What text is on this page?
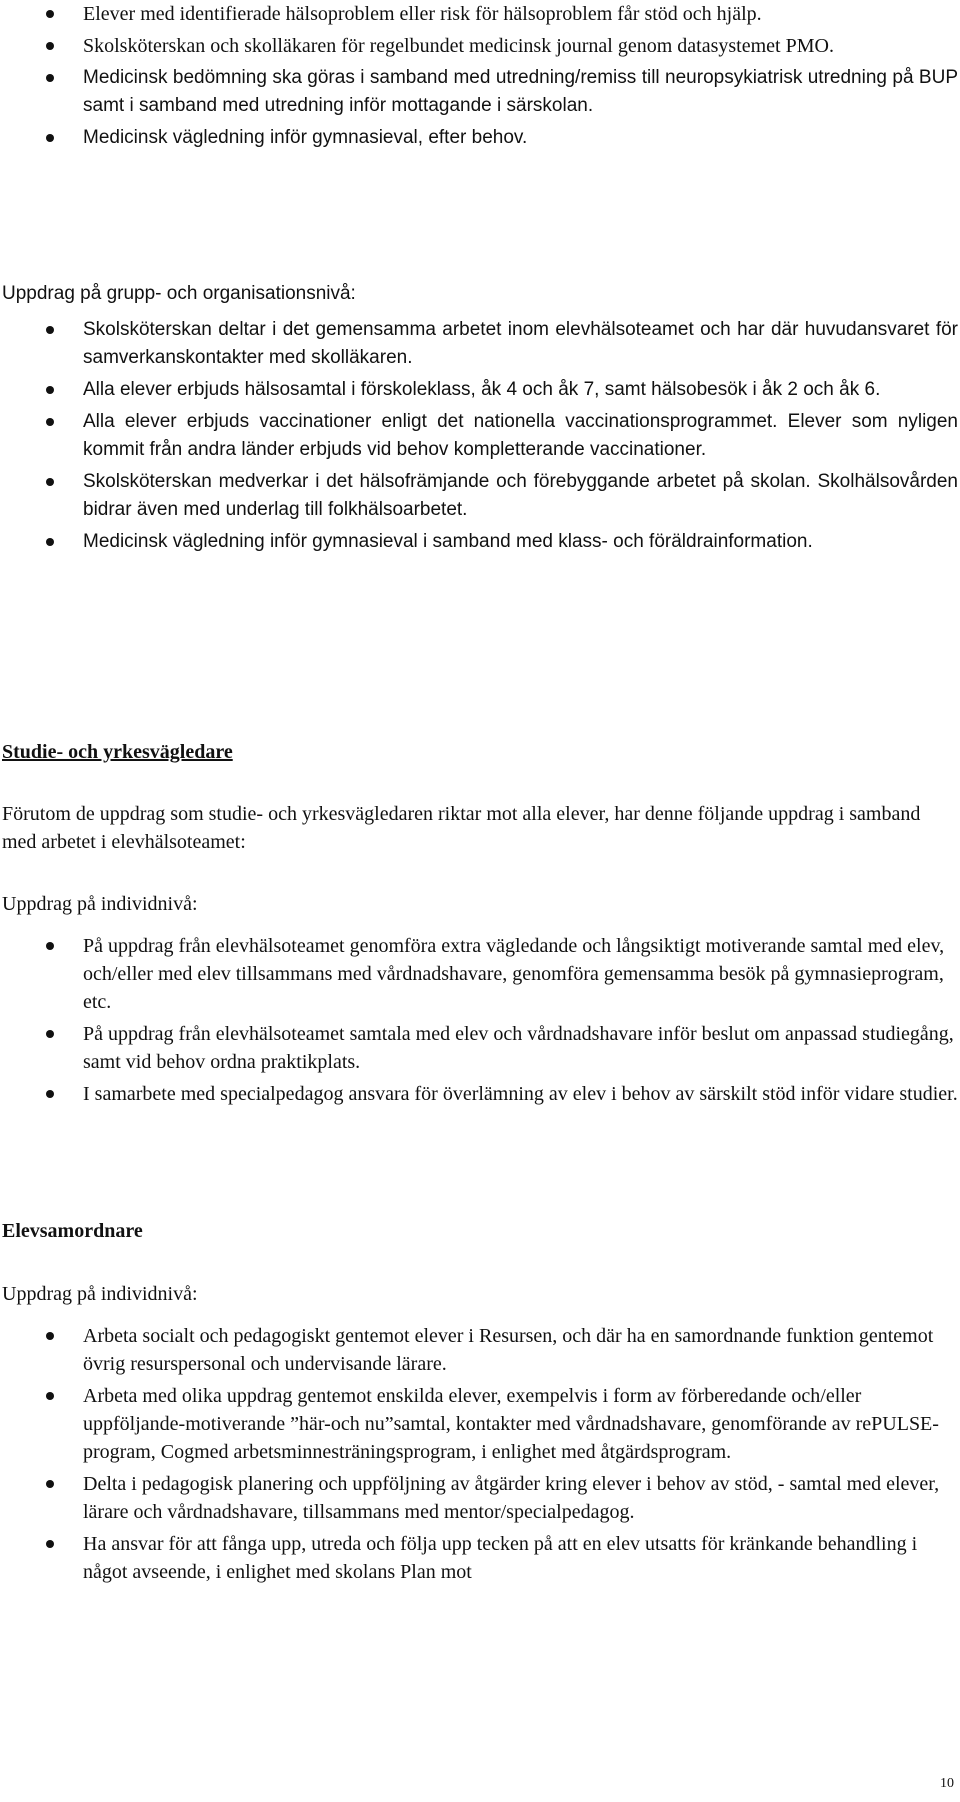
Elever med identifierade hälsoproblem eller risk för hälsoproblem får stöd och hjälp.
Skolsköterskan och skolläkaren för regelbundet medicinsk journal genom datasystemet PMO.
Medicinsk bedömning ska göras i samband med utredning/remiss till neuropsykiatrisk utredning på BUP samt i samband med utredning inför mottagande i särskolan.
Medicinsk vägledning inför gymnasieval, efter behov.

Uppdrag på grupp- och organisationsnivå:

Skolsköterskan deltar i det gemensamma arbetet inom elevhälsoteamet och har där huvudansvaret för samverkanskontakter med skolläkaren.
Alla elever erbjuds hälsosamtal i förskoleklass, åk 4 och åk 7, samt hälsobesök i åk 2 och åk 6.
Alla elever erbjuds vaccinationer enligt det nationella vaccinationsprogrammet. Elever som nyligen kommit från andra länder erbjuds vid behov kompletterande vaccinationer.
Skolsköterskan medverkar i det hälsofrämjande och förebyggande arbetet på skolan. Skolhälsovården bidrar även med underlag till folkhälsoarbetet.
Medicinsk vägledning inför gymnasieval i samband med klass- och föräldrainformation.

Studie- och yrkesvägledare

Förutom de uppdrag som studie- och yrkesvägledaren riktar mot alla elever, har denne följande uppdrag i samband med arbetet i elevhälsoteamet:

Uppdrag på individnivå:

På uppdrag från elevhälsoteamet genomföra extra vägledande och långsiktigt motiverande samtal med elev, och/eller med elev tillsammans med vårdnadshavare, genomföra gemensamma besök på gymnasieprogram, etc.
På uppdrag från elevhälsoteamet samtala med elev och vårdnadshavare inför beslut om anpassad studiegång, samt vid behov ordna praktikplats.
I samarbete med specialpedagog ansvara för överlämning av elev i behov av särskilt stöd inför vidare studier.

Elevsamordnare

Uppdrag på individnivå:

Arbeta socialt och pedagogiskt gentemot elever i Resursen, och där ha en samordnande funktion gentemot övrig resurspersonal och undervisande lärare.
Arbeta med olika uppdrag gentemot enskilda elever, exempelvis i form av förberedande och/eller uppföljande-motiverande ”här-och nu”samtal, kontakter med vårdnadshavare, genomförande av rePULSE-program, Cogmed arbetsminnesträningsprogram, i enlighet med åtgärdsprogram.
Delta i pedagogisk planering och uppföljning av åtgärder kring elever i behov av stöd, - samtal med elever, lärare och vårdnadshavare, tillsammans med mentor/specialpedagog.
Ha ansvar för att fånga upp, utreda och följa upp tecken på att en elev utsatts för kränkande behandling i något avseende, i enlighet med skolans Plan mot
10
